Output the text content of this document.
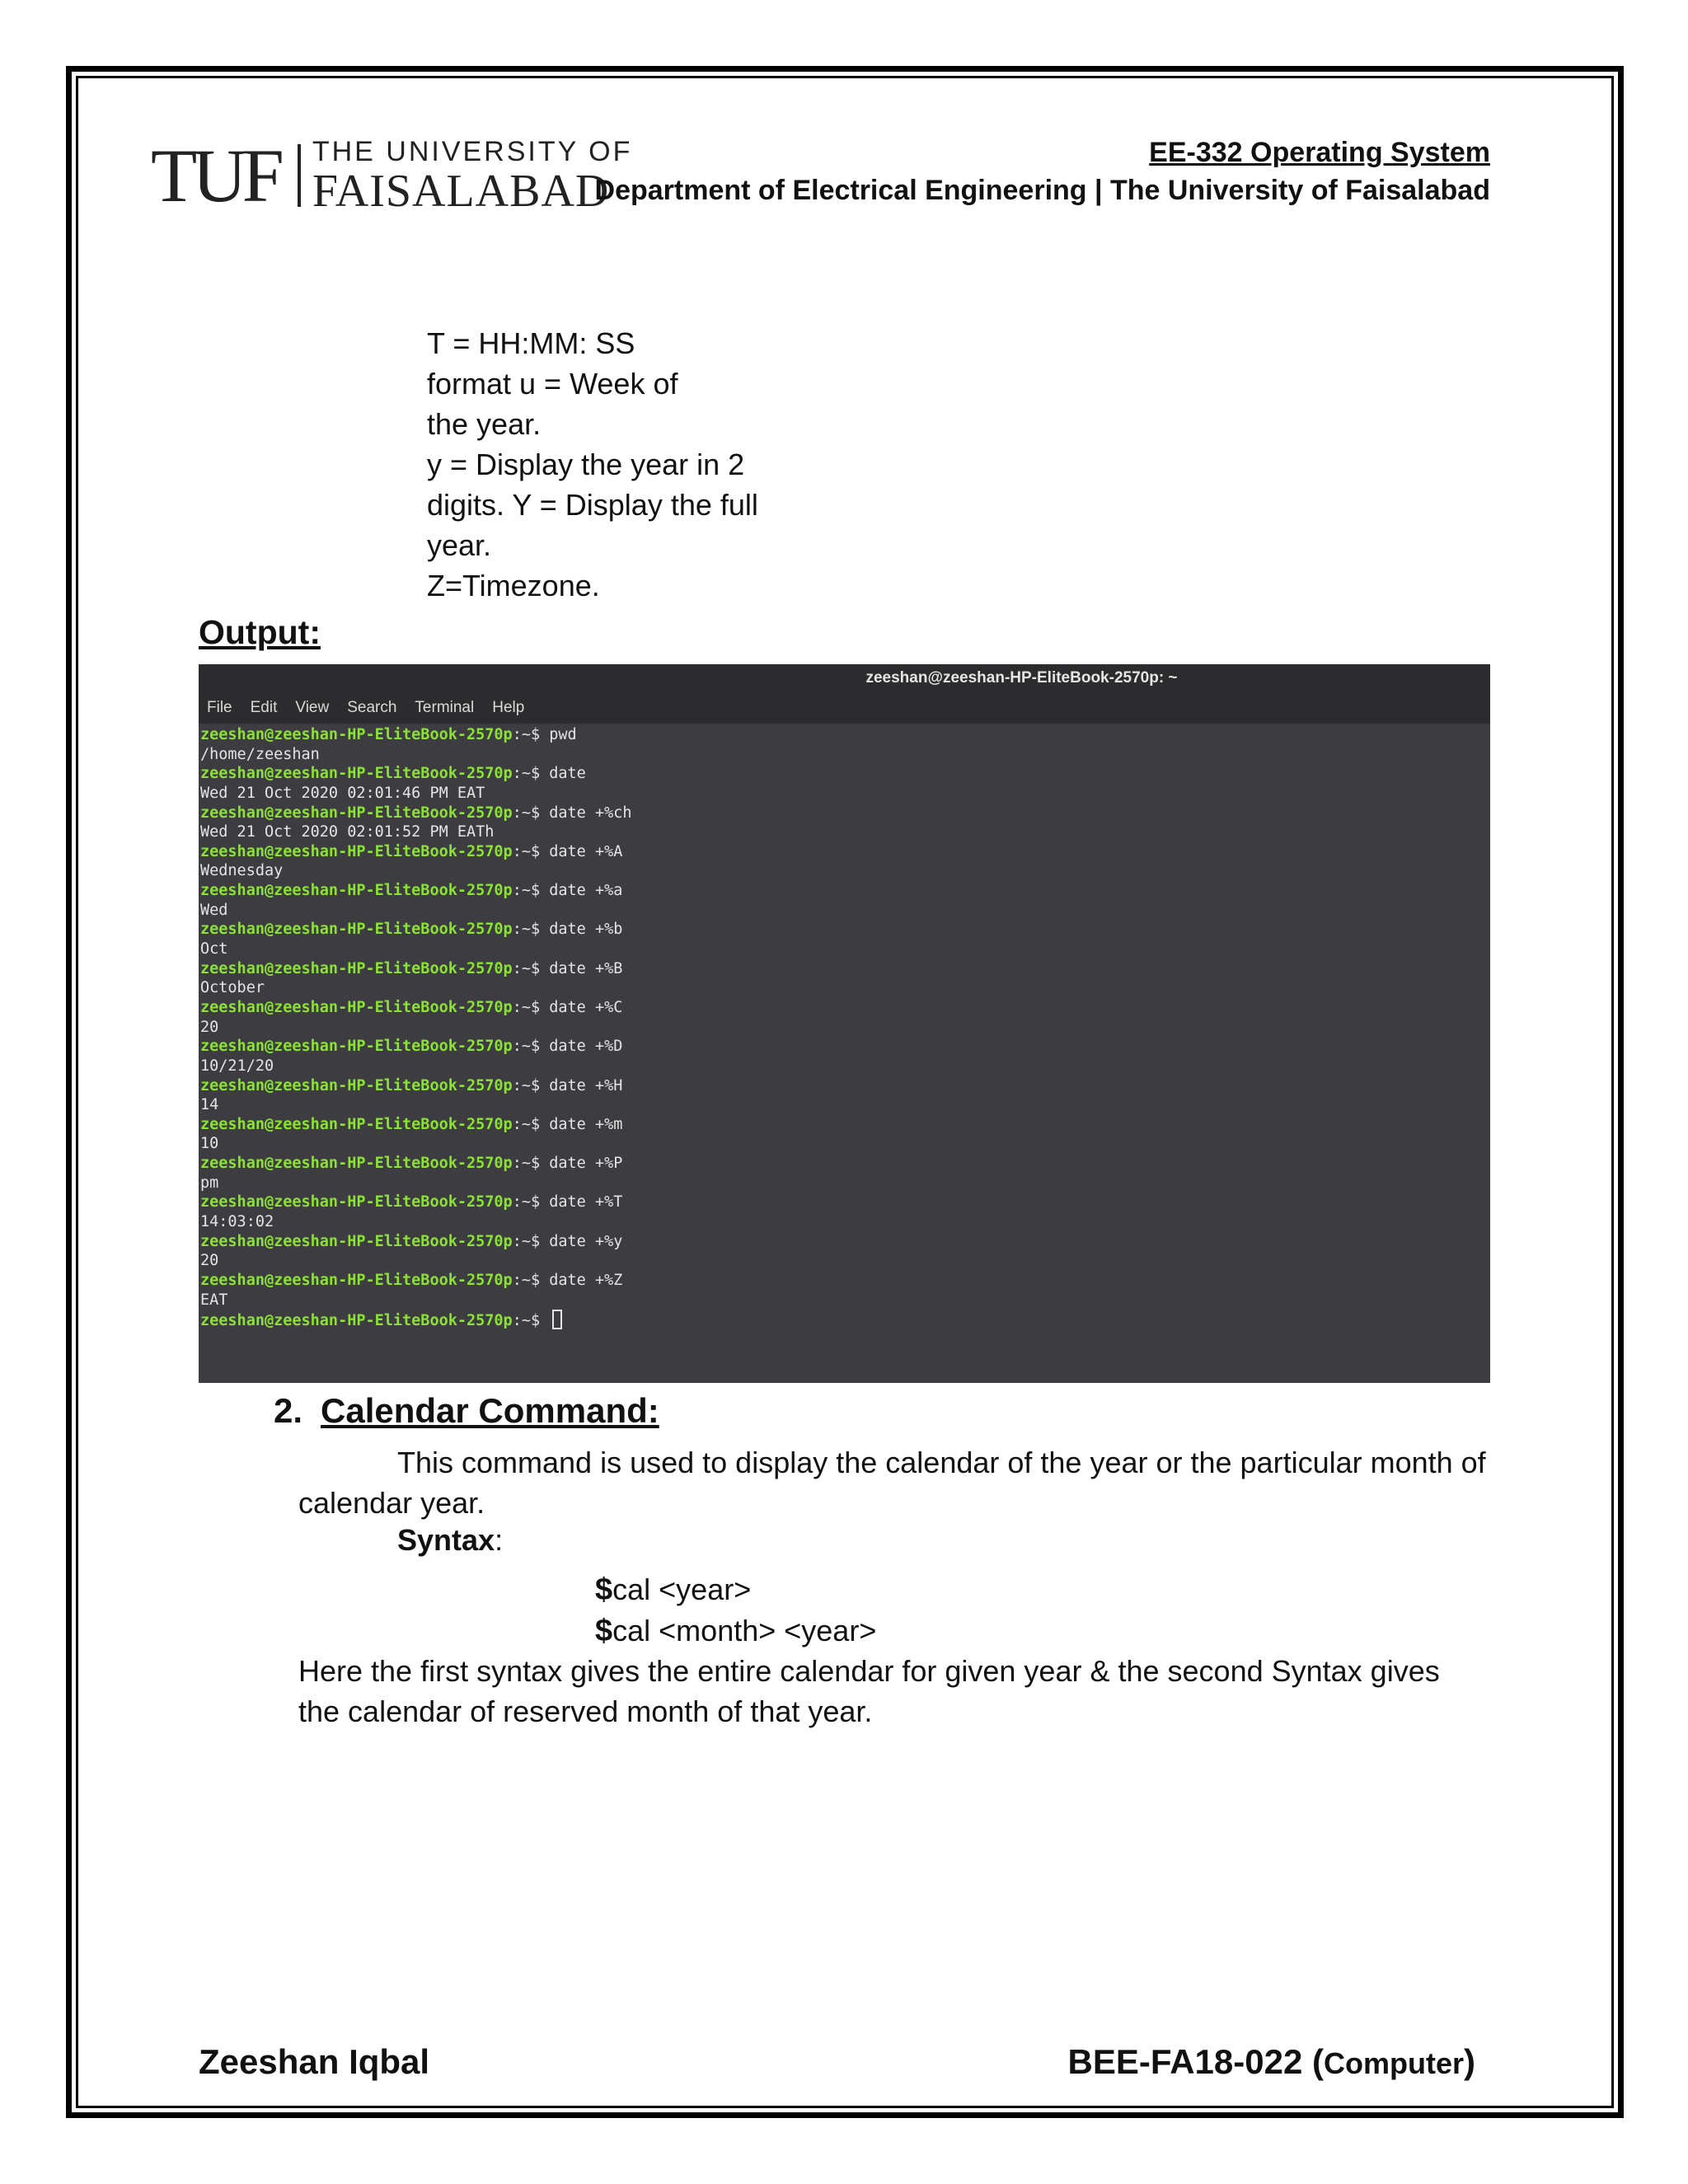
TUF THE UNIVERSITY OF
FAISALABAD
EE-332 Operating System
Department of Electrical Engineering | The University of Faisalabad
T = HH:MM: SS
format u = Week of
the year.
y = Display the year in 2
digits. Y = Display the full
year.
Z=Timezone.
Output:
zeeshan@zeeshan-HP-EliteBook-2570p: ~
File Edit View Search Terminal Help
zeeshan@zeeshan-HP-EliteBook-2570p:~$ pwd
/home/zeeshan
zeeshan@zeeshan-HP-EliteBook-2570p:~$ date
Wed 21 Oct 2020 02:01:46 PM EAT
zeeshan@zeeshan-HP-EliteBook-2570p:~$ date +%ch
Wed 21 Oct 2020 02:01:52 PM EATh
zeeshan@zeeshan-HP-EliteBook-2570p:~$ date +%A
Wednesday
zeeshan@zeeshan-HP-EliteBook-2570p:~$ date +%a
Wed
zeeshan@zeeshan-HP-EliteBook-2570p:~$ date +%b
Oct
zeeshan@zeeshan-HP-EliteBook-2570p:~$ date +%B
October
zeeshan@zeeshan-HP-EliteBook-2570p:~$ date +%C
20
zeeshan@zeeshan-HP-EliteBook-2570p:~$ date +%D
10/21/20
zeeshan@zeeshan-HP-EliteBook-2570p:~$ date +%H
14
zeeshan@zeeshan-HP-EliteBook-2570p:~$ date +%m
10
zeeshan@zeeshan-HP-EliteBook-2570p:~$ date +%P
pm
zeeshan@zeeshan-HP-EliteBook-2570p:~$ date +%T
14:03:02
zeeshan@zeeshan-HP-EliteBook-2570p:~$ date +%y
20
zeeshan@zeeshan-HP-EliteBook-2570p:~$ date +%Z
EAT
zeeshan@zeeshan-HP-EliteBook-2570p:~$
2. Calendar Command:
This command is used to display the calendar of the year or the particular month of calendar year.
Syntax:
$cal <year>
$cal <month> <year>
Here the first syntax gives the entire calendar for given year & the second Syntax gives the calendar of reserved month of that year.
Zeeshan Iqbal	BEE-FA18-022 (Computer)
